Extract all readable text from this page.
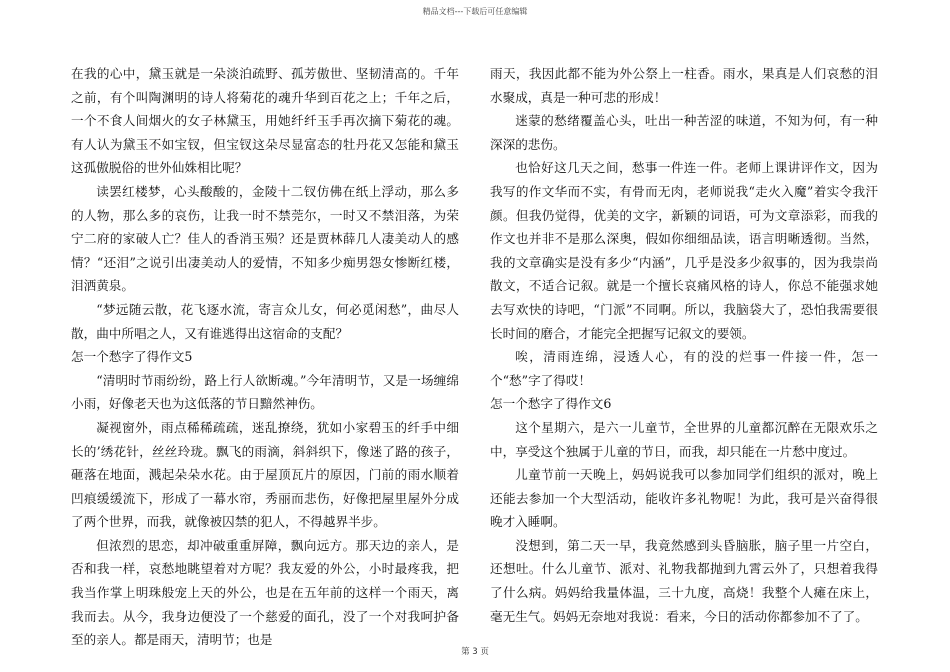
精品文档---下载后可任意编辑

在我的心中，黛玉就是一朵淡泊疏野、孤芳傲世、坚韧清高的。千年之前，有个叫陶渊明的诗人将菊花的魂升华到百花之上；千年之后，一个不食人间烟火的女子林黛玉，用她纤纤玉手再次摘下菊花的魂。有人认为黛玉不如宝钗，但宝钗这朵尽显富态的牡丹花又怎能和黛玉这孤傲脱俗的世外仙姝相比呢？

读罢红楼梦，心头酸酸的，金陵十二钗仿佛在纸上浮动，那么多的人物，那么多的哀伤，让我一时不禁莞尔，一时又不禁泪落，为荣宁二府的家破人亡？佳人的香消玉殒？还是贾林薛几人凄美动人的感情？“还泪”之说引出凄美动人的爱情，不知多少痴男怨女惨断红楼，泪洒黄泉。

“梦远随云散，花飞逐水流，寄言众儿女，何必觅闲愁”，曲尽人散，曲中所唱之人，又有谁逃得出这宿命的支配？

怎一个愁字了得作文5

“清明时节雨纷纷，路上行人欲断魂。”今年清明节，又是一场缠绵小雨，好像老天也为这低落的节日黯然神伤。

凝视窗外，雨点稀稀疏疏，迷乱撩绕，犹如小家碧玉的纤手中细长的’绣花针，丝丝玲珑。飘飞的雨滴，斜斜织下，像迷了路的孩子，砸落在地面，溅起朵朵水花。由于屋顶瓦片的原因，门前的雨水顺着凹痕缓缓流下，形成了一幕水帘，秀丽而悲伤，好像把屋里屋外分成了两个世界，而我，就像被囚禁的犯人，不得越界半步。

但浓烈的思恋，却冲破重重屏障，飘向远方。那天边的亲人，是否和我一样，哀愁地眺望着对方呢？我友爱的外公，小时最疼我，把我当作掌上明珠般宠上天的外公，也是在五年前的这样一个雨天，离我而去。从今，我身边便没了一个慈爱的面孔，没了一个对我呵护备至的亲人。都是雨天，清明节；也是

雨天，我因此都不能为外公祭上一柱香。雨水，果真是人们哀愁的泪水聚成，真是一种可悲的形成！

迷蒙的愁绪覆盖心头，吐出一种苦涩的味道，不知为何，有一种深深的悲伤。

也恰好这几天之间，愁事一件连一件。老师上课讲评作文，因为我写的作文华而不实，有骨而无肉，老师说我“走火入魔”着实令我汗颜。但我仍觉得，优美的文字，新颖的词语，可为文章添彩，而我的作文也并非不是那么深奥，假如你细细品读，语言明晰透彻。当然，我的文章确实是没有多少“内涵”，几乎是没多少叙事的，因为我崇尚散文，不适合记叙。就是一个擅长哀痛风格的诗人，你总不能强求她去写欢快的诗吧，“门派”不同啊。所以，我脑袋大了，恐怕我需要很长时间的磨合，才能完全把握写记叙文的要领。

唉，清雨连绵，浸透人心，有的没的烂事一件接一件，怎一个“愁”字了得哎！

怎一个愁字了得作文6

这个星期六，是六一儿童节，全世界的儿童都沉醉在无限欢乐之中，享受这个独属于儿童的节日，而我，却只能在一片愁中度过。

儿童节前一天晚上，妈妈说我可以参加同学们组织的派对，晚上还能去参加一个大型活动，能收许多礼物呢！为此，我可是兴奋得很晚才入睡啊。

没想到，第二天一早，我竟然感到头昏脑胀，脑子里一片空白，还想吐。什么儿童节、派对、礼物我都抛到九霄云外了，只想着我得了什么病。妈妈给我量体温，三十九度，高烧！我整个人瘫在床上，毫无生气。妈妈无奈地对我说：看来，今日的活动你都参加不了了。

第 3 页
